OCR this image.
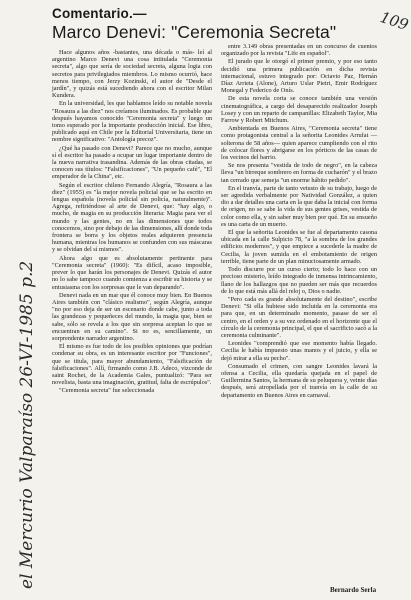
el Mercurio Valparaíso 26-VI-1985 p.2
109
Comentario.—
Marco Denevi: "Ceremonia Secreta"

Hace algunos años -bastantes, una década o más- leí al argentino Marco Denevi una cosa intitulada "Ceremonia secreta", algo que sería de sociedad secreta, alguna logia con secretos para privilegiados miembros. Lo mismo ocurrió, hace menos tiempo, con Jerzy Kozinski, el autor de "Desde el jardín", y quizás está sucediendo ahora con el escritor Milan Kundera.

En la universidad, les que hablamos leído su notable novela "Rosaura a las diez" nos creíamos iluminados. Es probable que después hayamos conocido "Ceremonia secreta" y luego un tomo esperado por la importante producción inicial. Ese libro, publicado aquí en Chile por la Editorial Universitaria, tiene un nombre significativo: "Antología precoz".

¿Qué ha pasado con Denevi? Parece que no mucho, aunque sí el escritor ha pasado a ocupar un lugar importante dentro de la nueva narrativa trasandina. Además de las obras citadas, se conocen sus títulos: "Falsificaciones", "Un pequeño café", "El emperador de la China", etc.

Según el escritor chileno Fernando Alegría, "Rosaura a las diez" (1955) es "la mejor novela policial que se ha escrito en lengua española (novela policial sin policía, naturalmente)". Agrega, refiriéndose al arte de Denevi, que: "hay algo, o mucho, de magia en su producción literaria: Magia para ver el mundo y las gentes, no en las dimensiones que todos conocemos, sino por debajo de las dimensiones, allí donde toda frontera se borra y los objetos reales adquieren presencia humana, mientras los humanos se confunden con sus máscaras y se olvidan del sí mismos".

Ahora algo que es absolutamente pertinente para "Ceremonia secreta" (1960): "Es difícil, acaso imposible, prever lo que harán los personajes de Denevi. Quizás el autor no lo sabe tampoco cuando comienza a escribir su historia y se entusiasma con los sorpresas que le van deparando".

Denevi nada en un mar que él conoce muy bien. En Buenos Aires también con "clásico realismo", según Alegría, aunque "no por eso deja de ser un escenario donde cabe, junto a toda las grandezas y pequeñeces del mundo, la magia que, bien se sabe, sólo se revela a los que sin sorpresa aceptan lo que se encuentran en su camino". Si no es, sencillamente, un sorprendente narrador argentino.

El mismo es fue todo de los posibles opiniones que podrían condenar su obra, es un interesante escritor por "Funciones", que se titula, para mayor abundamiento, "Falsificación de falsificaciones". Allí, firmando como J.B. Adeco, vizconde de saint Rochet, de la Academia Gales, puntualizó: "Para ser novelista, basta una imaginación, gratitud, falta de escrúpulos".

"Ceremonia secreta" fue seleccionada

entre 3.149 obras presentadas en un concurso de cuentos organizado por la revista "Life en español".

El jurado que le otorgó el primer premio, y por eso tanto decidió una primera publicación en dicha revista internacional, estuvo integrado por: Octavio Paz, Hernán Díaz Arrieta (Alone), Arturo Uslar Pietri, Emir Rodríguez Monegal y Federico de Onís.

De esta novela corta se conoce también una versión cinematográfica, a cargo del desaparecido realizador Joseph Losey y con un reparto de campanillas: Elizabeth Taylor, Mia Farrow y Robert Mitchum.

Ambientada en Buenos Aires, "Ceremonia secreta" tiene como protagonista central a la señorita Leonides Arrufat —solterona de 58 años— quien aparece cumpliendo con el rito de colocar flores y abrigarse en los pórticos de las casas de los vecinos del barrio.

Se nos presenta "vestida de todo de negro", en la cabeza lleva "un birreque sombrero en forma de cucharón" y el brazo tan cerrado que semeja "un enorme hábito pedido".

En el tranvía, parte de tanto vetusto de su trabajo, luego de ser agredida verbalmente por Natividad González, a quien dio a dar detalles una carta en la que daba la inicial con forma de origen, no se sabe la vida de sus gentes grises, vestida de color como ella, y sin saber muy bien por qué. En su ensueño es una carta de un muerto.

El que la señorita Leonides se fue al departamento casona ubicada en la calle Sulpicio 78, "a la sombra de los grandes edificios modernos", y que empiece a sucederle la madre de Cecilia, la joven sumida en el embotamiento de origen terrible, tiene parte de un plan minuciosamente armado.

Todo discurre por un curso cierto; todo lo hace con un precioso misterio, leído integrado de inmensa intrincamiento, llano de los hallazgos que no pueden ser más que recuerdos de lo que está más allá del reloj o, Dios o nadie.

"Pero cada es grande absolutamente del destino", escribe Denevi: "Si ella hubiese sido incluida en la ceremonia era para que, en un determinado momento, pasase de ser el centro, en el orden y a su vez ordenado en el horizonte que el círculo de la ceremonia principal, el que el sacrificio sacó a la ceremonia culminante".

Leonides "comprendió que ese momento había llegado. Cecilia le había impuesto unas manos y el juicio, y ella se dejó mirar a ella su pecho".

Consumado el crimen, con sangre Leonides lavará la ofensa a Cecilia, ella quedaría quejada en el papel de Guillermina Santos, la hermana de su peluquera y, veinte días después, será atropellada por el tranvía en la calle de su departamento en Buenos Aires en carnaval.

Bernardo Serla
